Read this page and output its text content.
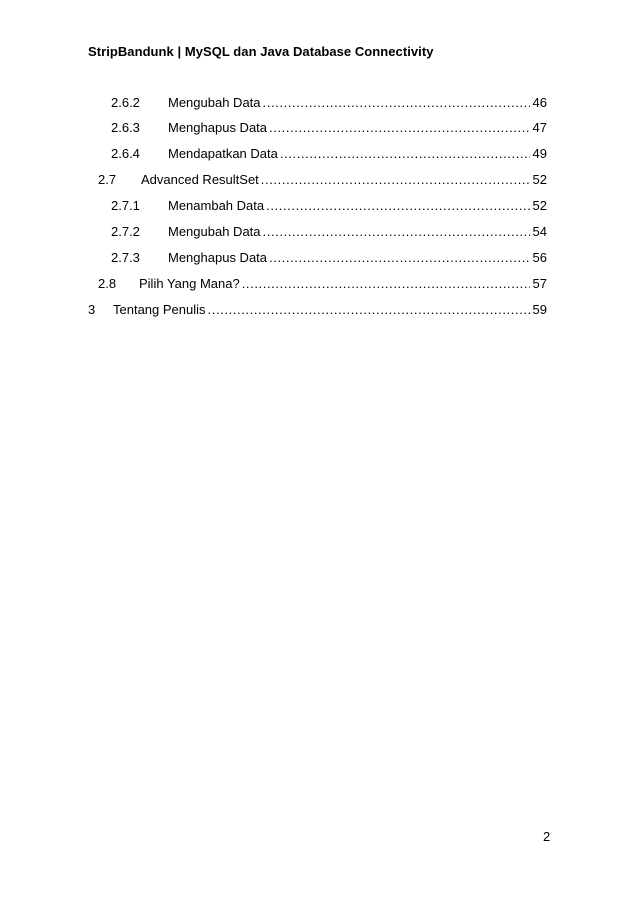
StripBandunk | MySQL dan Java Database Connectivity
2.6.2 Mengubah Data .....	46
2.6.3 Menghapus Data .....	47
2.6.4 Mendapatkan Data .....	49
2.7 Advanced ResultSet .....	52
2.7.1 Menambah Data .....	52
2.7.2 Mengubah Data .....	54
2.7.3 Menghapus Data .....	56
2.8 Pilih Yang Mana? .....	57
3 Tentang Penulis .....	59
2
